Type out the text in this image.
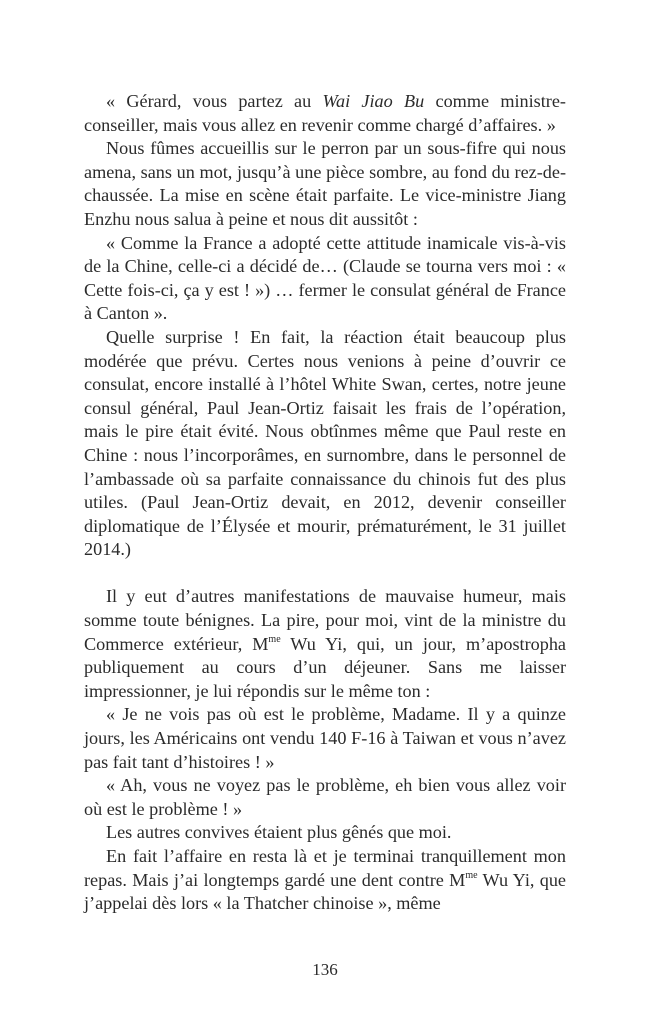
« Gérard, vous partez au Wai Jiao Bu comme ministre-conseiller, mais vous allez en revenir comme chargé d’affaires. »

Nous fûmes accueillis sur le perron par un sous-fifre qui nous amena, sans un mot, jusqu’à une pièce sombre, au fond du rez-de-chaussée. La mise en scène était parfaite. Le vice-ministre Jiang Enzhu nous salua à peine et nous dit aussitôt :

« Comme la France a adopté cette attitude inamicale vis-à-vis de la Chine, celle-ci a décidé de… (Claude se tourna vers moi : « Cette fois-ci, ça y est ! ») … fermer le consulat général de France à Canton ».

Quelle surprise ! En fait, la réaction était beaucoup plus modérée que prévu. Certes nous venions à peine d’ouvrir ce consulat, encore installé à l’hôtel White Swan, certes, notre jeune consul général, Paul Jean-Ortiz faisait les frais de l’opération, mais le pire était évité. Nous obtînmes même que Paul reste en Chine : nous l’incorporâmes, en surnombre, dans le personnel de l’ambassade où sa parfaite connaissance du chinois fut des plus utiles. (Paul Jean-Ortiz devait, en 2012, devenir conseiller diplomatique de l’Élysée et mourir, prématurément, le 31 juillet 2014.)

Il y eut d’autres manifestations de mauvaise humeur, mais somme toute bénignes. La pire, pour moi, vint de la ministre du Commerce extérieur, $M^{me}$ Wu Yi, qui, un jour, m’apostropha publiquement au cours d’un déjeuner. Sans me laisser impressionner, je lui répondis sur le même ton :

« Je ne vois pas où est le problème, Madame. Il y a quinze jours, les Américains ont vendu 140 F-16 à Taiwan et vous n’avez pas fait tant d’histoires ! »

« Ah, vous ne voyez pas le problème, eh bien vous allez voir où est le problème ! »

Les autres convives étaient plus gênés que moi.

En fait l’affaire en resta là et je terminai tranquillement mon repas. Mais j’ai longtemps gardé une dent contre $M^{me}$ Wu Yi, que j’appelai dès lors « la Thatcher chinoise », même

136
